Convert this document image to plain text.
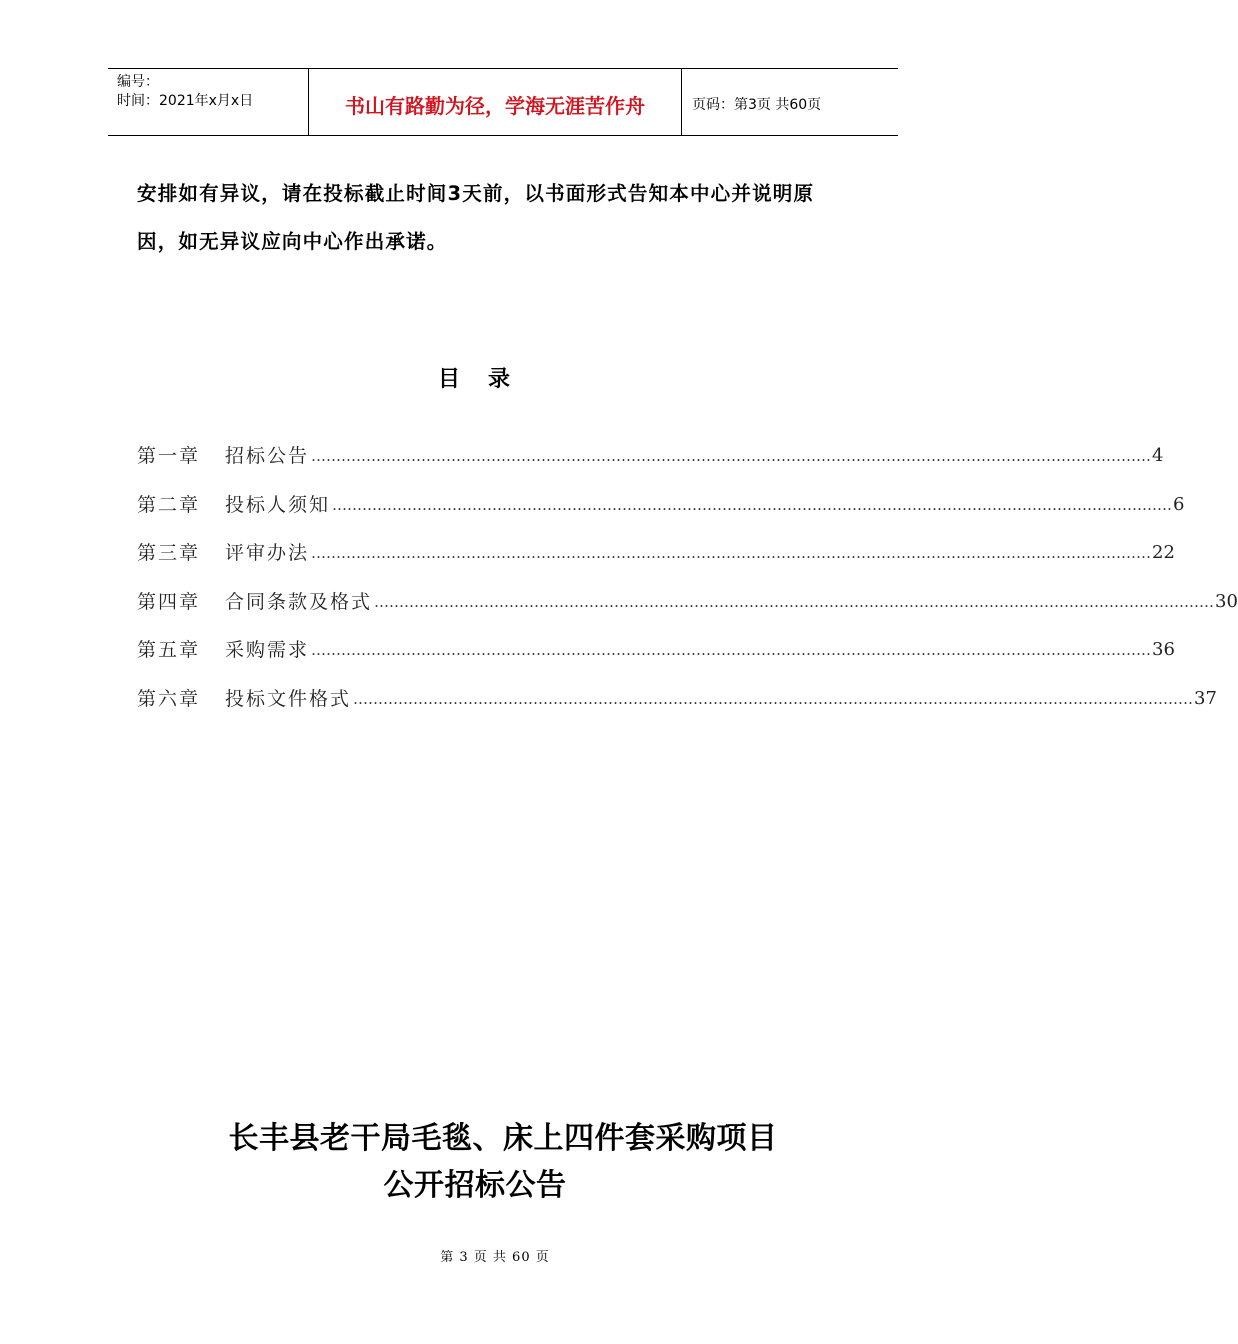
编号：
时间：2021年x月x日	书山有路勤为径，学海无涯苦作舟	页码：第3页 共60页
安排如有异议，请在投标截止时间3天前，以书面形式告知本中心并说明原
因，如无异议应向中心作出承诺。
目 录
第一章	招标公告 …………………………………………………………………………………………………………………………………………………… 4
第二章	投标人须知 …………………………………………………………………………………………………………………………………………………… 6
第三章	评审办法 …………………………………………………………………………………………………………………………………………………… 22
第四章	合同条款及格式 …………………………………………………………………………………………………………………………………………………… 30
第五章	采购需求 …………………………………………………………………………………………………………………………………………………… 36
第六章	投标文件格式 …………………………………………………………………………………………………………………………………………………… 37
长丰县老干局毛毯、床上四件套采购项目
公开招标公告
第 3 页 共 60 页
